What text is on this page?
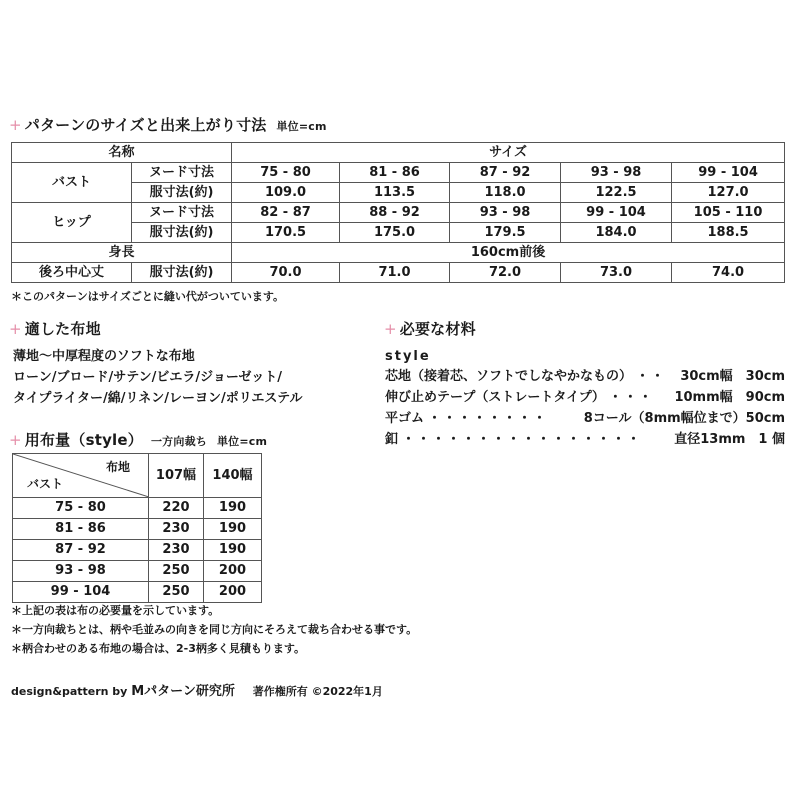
+ パターンのサイズと出来上がり寸法 単位=cm
名称		サイズ				
バスト	ヌード寸法	75 - 80	81 - 86	87 - 92	93 - 98	99 - 104
	服寸法(約)	109.0	113.5	118.0	122.5	127.0
ヒップ	ヌード寸法	82 - 87	88 - 92	93 - 98	99 - 104	105 - 110
	服寸法(約)	170.5	175.0	179.5	184.0	188.5
身長		160cm前後				
後ろ中心丈	服寸法(約)	70.0	71.0	72.0	73.0	74.0
＊このパターンはサイズごとに縫い代がついています。
+ 適した布地
薄地～中厚程度のソフトな布地
ローン/ブロード/サテン/ビエラ/ジョーゼット/
タイプライター/綿/リネン/レーヨン/ポリエステル
+ 必要な材料
style
芯地（接着芯、ソフトでしなやかなもの） ・・	30cm幅　30cm
伸び止めテープ（ストレートタイプ） ・・・	10mm幅　90cm
平ゴム ・・・・・・・・	8コール（8mm幅位まで）50cm
釦 ・・・・・・・・・・・・・・・・	直径13mm　1 個
+ 用布量（style） 一方向裁ち 単位=cm
布地
バスト	107幅	140幅
75 - 80	220	190
81 - 86	230	190
87 - 92	230	190
93 - 98	250	200
99 - 104	250	200
＊上記の表は布の必要量を示しています。
＊一方向裁ちとは、柄や毛並みの向きを同じ方向にそろえて裁ち合わせる事です。
＊柄合わせのある布地の場合は、2-3柄多く見積もります。
design&pattern by Mパターン研究所 著作権所有 ©2022年1月
